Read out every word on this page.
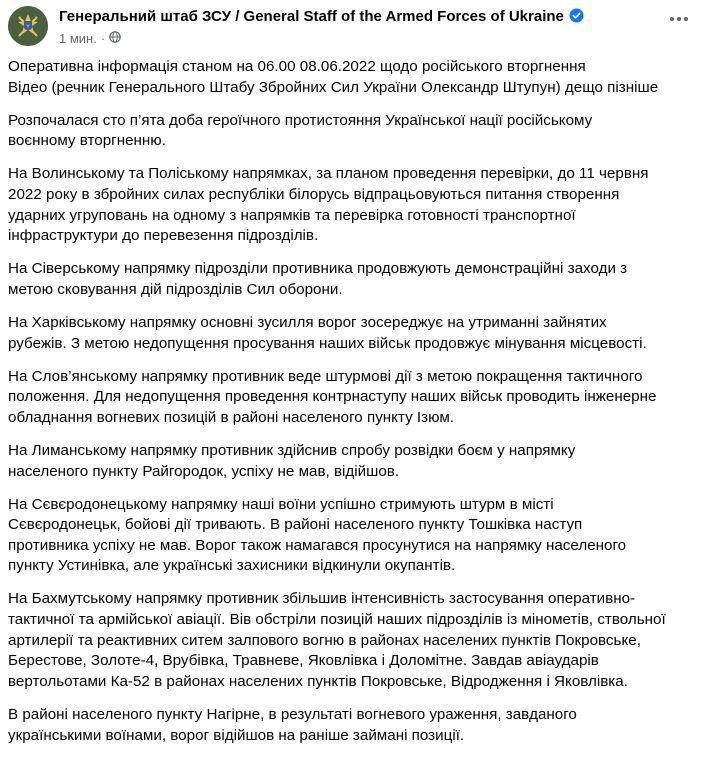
Генеральний штаб ЗСУ / General Staff of the Armed Forces of Ukraine
1 мин. ·

Оперативна інформація станом на 06.00 08.06.2022 щодо російського вторгнення
Відео (речник Генерального Штабу Збройних Сил України Олександр Штупун) дещо пізніше

Розпочалася сто п’ята доба героїчного протистояння Української нації російському
воєнному вторгненню.

На Волинському та Поліському напрямках, за планом проведення перевірки, до 11 червня
2022 року в збройних силах республіки білорусь відпрацьовуються питання створення
ударних угруповань на одному з напрямків та перевірка готовності транспортної
інфраструктури до перевезення підрозділів.

На Сіверському напрямку підрозділи противника продовжують демонстраційні заходи з
метою сковування дій підрозділів Сил оборони.

На Харківському напрямку основні зусилля ворог зосереджує на утриманні зайнятих
рубежів. З метою недопущення просування наших військ продовжує мінування місцевості.

На Слов’янському напрямку противник веде штурмові дії з метою покращення тактичного
положення. Для недопущення проведення контрнаступу наших військ проводить інженерне
обладнання вогневих позицій в районі населеного пункту Ізюм.

На Лиманському напрямку противник здійснив спробу розвідки боєм у напрямку
населеного пункту Райгородок, успіху не мав, відійшов.

На Сєвєродонецькому напрямку наші воїни успішно стримують штурм в місті
Сєвєродонецьк, бойові дії тривають. В районі населеного пункту Тошківка наступ
противника успіху не мав. Ворог також намагався просунутися на напрямку населеного
пункту Устинівка, але українські захисники відкинули окупантів.

На Бахмутському напрямку противник збільшив інтенсивність застосування оперативно-
тактичної та армійської авіації. Вів обстріли позицій наших підрозділів із мінометів, ствольної
артилерії та реактивних ситем залпового вогню в районах населених пунктів Покровське,
Берестове, Золоте-4, Врубівка, Травневе, Яковлівка і Доломітне. Завдав авіаударів
вертольотами Ка-52 в районах населених пунктів Покровське, Відродження і Яковлівка.

В районі населеного пункту Нагірне, в результаті вогневого ураження, завданого
українськими воїнами, ворог відійшов на раніше займані позиції.
